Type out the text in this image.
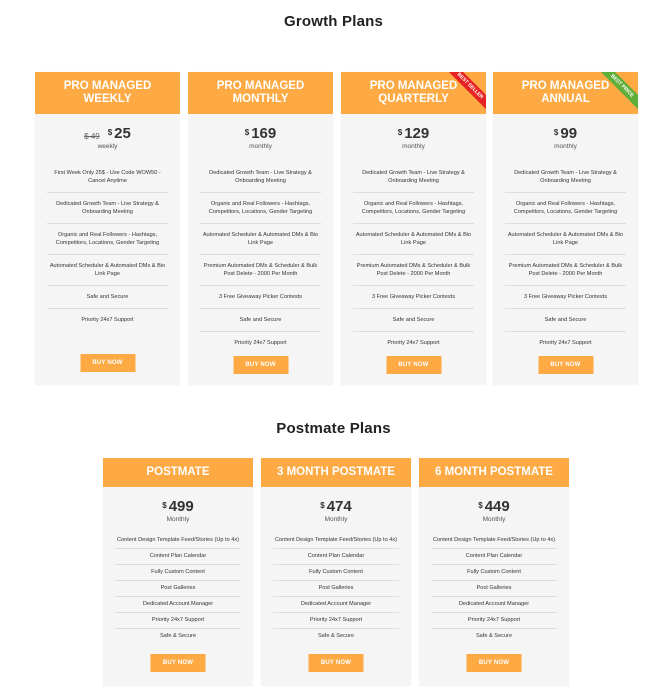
Growth Plans
PRO MANAGED WEEKLY
$ 49 $ 25
weekly
First Week Only 25$ - Use Code WOW50 - Cancel Anytime
Dedicated Growth Team - Live Strategy & Onboarding Meeting
Organic and Real Followers - Hashtags, Competitors, Locations, Gender Targeting
Automated Scheduler & Automated DMs & Bio Link Page
Safe and Secure
Priority 24x7 Support
BUY NOW
PRO MANAGED MONTHLY
$ 169
monthly
Dedicated Growth Team - Live Strategy & Onboarding Meeting
Organic and Real Followers - Hashtags, Competitors, Locations, Gender Targeting
Automated Scheduler & Automated DMs & Bio Link Page
Premium Automated DMs & Scheduler & Bulk Post Delete - 2000 Per Month
3 Free Giveaway Picker Contests
Safe and Secure
Priority 24x7 Support
BUY NOW
PRO MANAGED QUARTERLY	BEST SELLER
$ 129
monthly
Dedicated Growth Team - Live Strategy & Onboarding Meeting
Organic and Real Followers - Hashtags, Competitors, Locations, Gender Targeting
Automated Scheduler & Automated DMs & Bio Link Page
Premium Automated DMs & Scheduler & Bulk Post Delete - 2000 Per Month
3 Free Giveaway Picker Contests
Safe and Secure
Priority 24x7 Support
BUY NOW
PRO MANAGED ANNUAL
BEST PRICE
$ 99
monthly
Dedicated Growth Team - Live Strategy & Onboarding Meeting
Organic and Real Followers - Hashtags, Competitors, Locations, Gender Targeting
Automated Scheduler & Automated DMs & Bio Link Page
Premium Automated DMs & Scheduler & Bulk Post Delete - 2000 Per Month
3 Free Giveaway Picker Contests
Safe and Secure
Priority 24x7 Support
BUY NOW
Postmate Plans
POSTMATE
$ 499
Monthly
Content Design Template Feed/Stories (Up to 4x)
Content Plan Calendar
Fully Custom Content
Post Galleries
Dedicated Account Manager
Priority 24x7 Support
Safe & Secure
BUY NOW
3 MONTH POSTMATE
$ 474
Monthly
Content Design Template Feed/Stories (Up to 4x)
Content Plan Calendar
Fully Custom Content
Post Galleries
Dedicated Account Manager
Priority 24x7 Support
Safe & Secure
BUY NOW
6 MONTH POSTMATE
$ 449
Monthly
Content Design Template Feed/Stories (Up to 4x)
Content Plan Calendar
Fully Custom Content
Post Galleries
Dedicated Account Manager
Priority 24x7 Support
Safe & Secure
BUY NOW
